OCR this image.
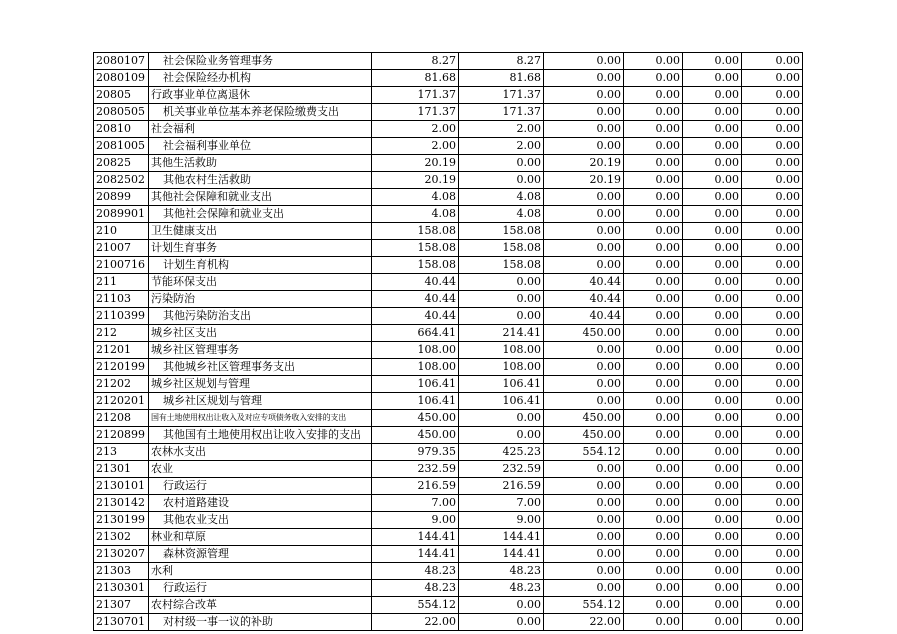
2080107	社会保险业务管理事务	8.27	8.27	0.00	0.00	0.00	0.00
2080109	社会保险经办机构	81.68	81.68	0.00	0.00	0.00	0.00
20805	行政事业单位离退休	171.37	171.37	0.00	0.00	0.00	0.00
2080505	机关事业单位基本养老保险缴费支出	171.37	171.37	0.00	0.00	0.00	0.00
20810	社会福利	2.00	2.00	0.00	0.00	0.00	0.00
2081005	社会福利事业单位	2.00	2.00	0.00	0.00	0.00	0.00
20825	其他生活救助	20.19	0.00	20.19	0.00	0.00	0.00
2082502	其他农村生活救助	20.19	0.00	20.19	0.00	0.00	0.00
20899	其他社会保障和就业支出	4.08	4.08	0.00	0.00	0.00	0.00
2089901	其他社会保障和就业支出	4.08	4.08	0.00	0.00	0.00	0.00
210	卫生健康支出	158.08	158.08	0.00	0.00	0.00	0.00
21007	计划生育事务	158.08	158.08	0.00	0.00	0.00	0.00
2100716	计划生育机构	158.08	158.08	0.00	0.00	0.00	0.00
211	节能环保支出	40.44	0.00	40.44	0.00	0.00	0.00
21103	污染防治	40.44	0.00	40.44	0.00	0.00	0.00
2110399	其他污染防治支出	40.44	0.00	40.44	0.00	0.00	0.00
212	城乡社区支出	664.41	214.41	450.00	0.00	0.00	0.00
21201	城乡社区管理事务	108.00	108.00	0.00	0.00	0.00	0.00
2120199	其他城乡社区管理事务支出	108.00	108.00	0.00	0.00	0.00	0.00
21202	城乡社区规划与管理	106.41	106.41	0.00	0.00	0.00	0.00
2120201	城乡社区规划与管理	106.41	106.41	0.00	0.00	0.00	0.00
21208	国有土地使用权出让收入及对应专项债务收入安排的支出	450.00	0.00	450.00	0.00	0.00	0.00
2120899	其他国有土地使用权出让收入安排的支出	450.00	0.00	450.00	0.00	0.00	0.00
213	农林水支出	979.35	425.23	554.12	0.00	0.00	0.00
21301	农业	232.59	232.59	0.00	0.00	0.00	0.00
2130101	行政运行	216.59	216.59	0.00	0.00	0.00	0.00
2130142	农村道路建设	7.00	7.00	0.00	0.00	0.00	0.00
2130199	其他农业支出	9.00	9.00	0.00	0.00	0.00	0.00
21302	林业和草原	144.41	144.41	0.00	0.00	0.00	0.00
2130207	森林资源管理	144.41	144.41	0.00	0.00	0.00	0.00
21303	水利	48.23	48.23	0.00	0.00	0.00	0.00
2130301	行政运行	48.23	48.23	0.00	0.00	0.00	0.00
21307	农村综合改革	554.12	0.00	554.12	0.00	0.00	0.00
2130701	对村级一事一议的补助	22.00	0.00	22.00	0.00	0.00	0.00
